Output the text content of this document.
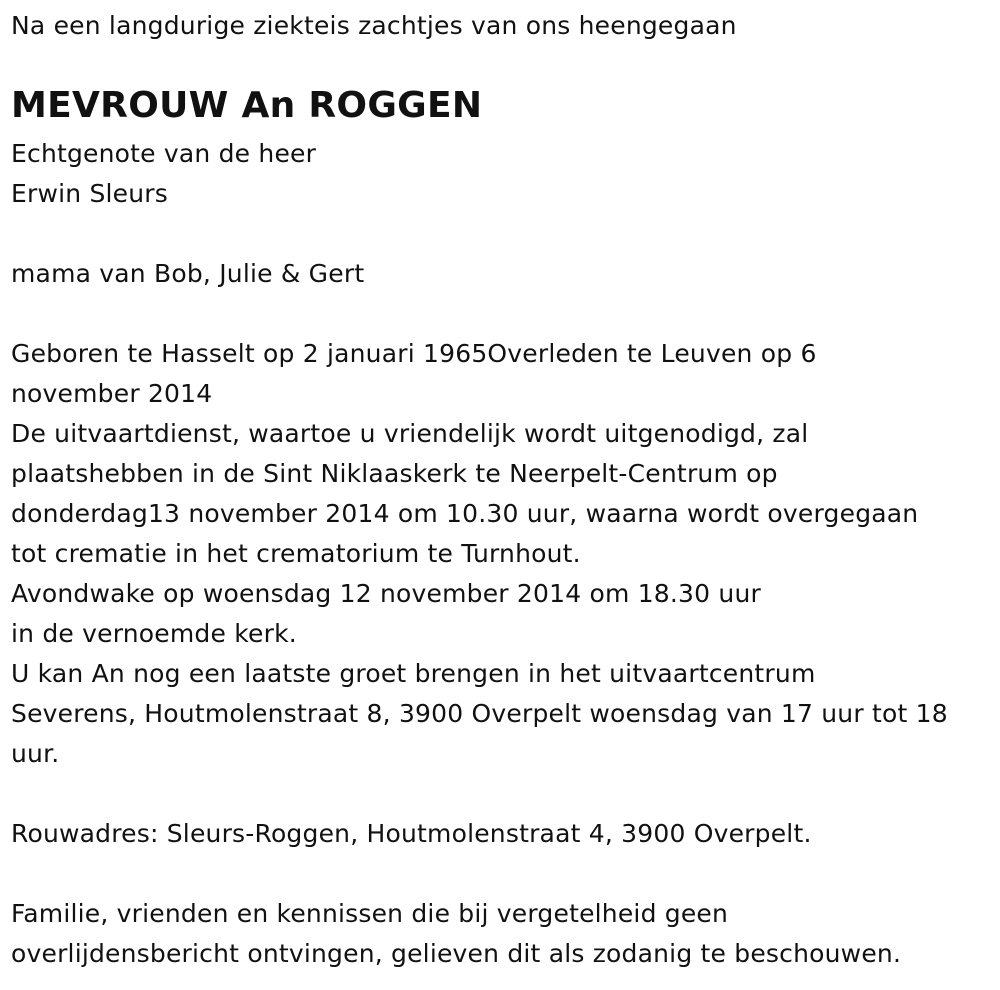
Na een langdurige ziekteis zachtjes van ons heengegaan
MEVROUW An ROGGEN
Echtgenote van de heer
Erwin Sleurs
mama van Bob, Julie & Gert
Geboren te Hasselt op 2 januari 1965Overleden te Leuven op 6
november 2014
De uitvaartdienst, waartoe u vriendelijk wordt uitgenodigd, zal
plaatshebben in de Sint Niklaaskerk te Neerpelt-Centrum op
donderdag13 november 2014 om 10.30 uur, waarna wordt overgegaan
tot crematie in het crematorium te Turnhout.
Avondwake op woensdag 12 november 2014 om 18.30 uur
in de vernoemde kerk.
U kan An nog een laatste groet brengen in het uitvaartcentrum
Severens, Houtmolenstraat 8, 3900 Overpelt woensdag van 17 uur tot 18
uur.
Rouwadres: Sleurs-Roggen, Houtmolenstraat 4, 3900 Overpelt.
Familie, vrienden en kennissen die bij vergetelheid geen
overlijdensbericht ontvingen, gelieven dit als zodanig te beschouwen.
